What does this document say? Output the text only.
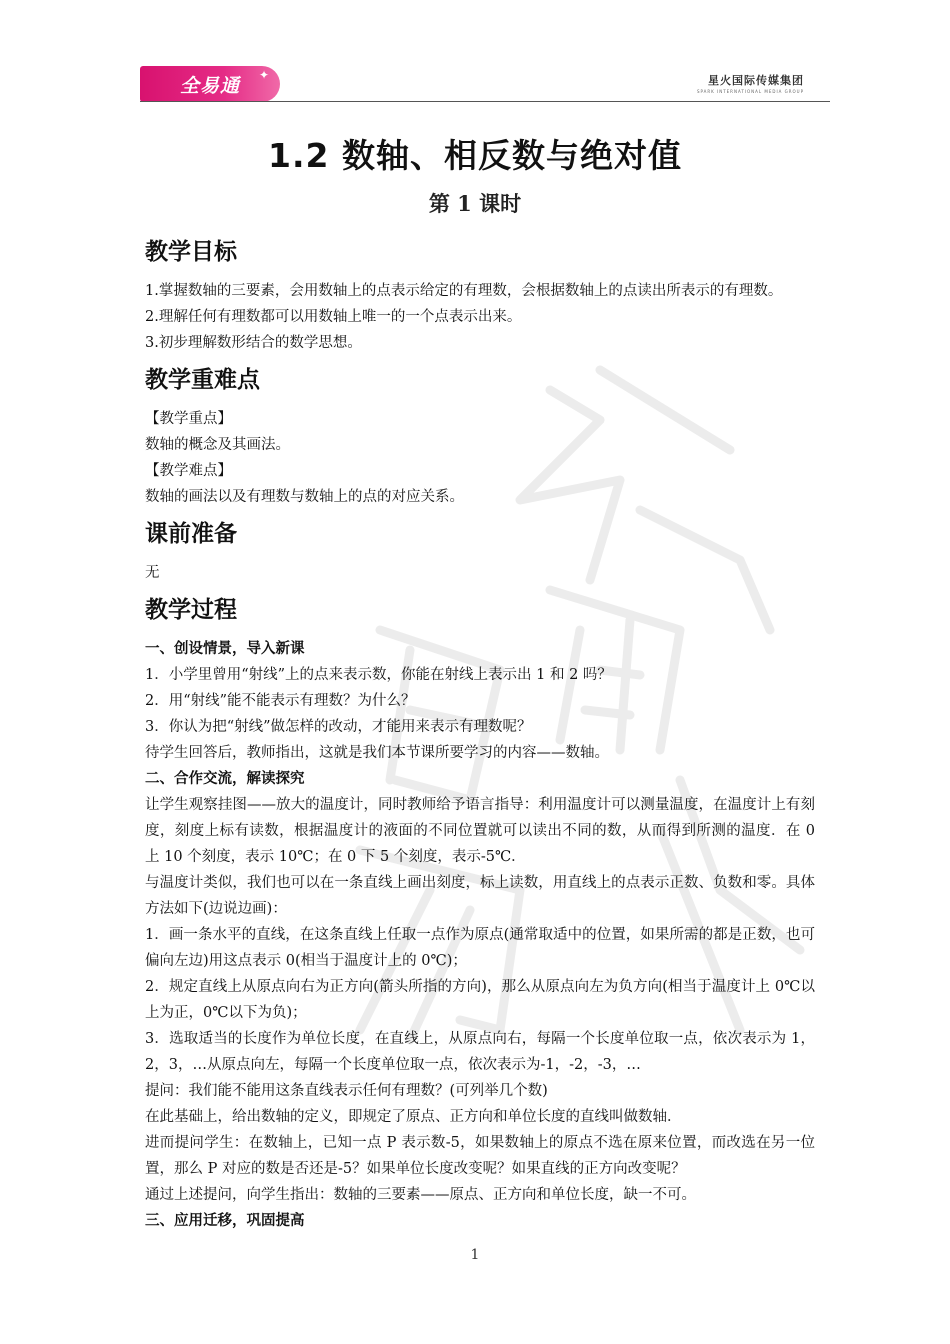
全易通 ✦	星火国际传媒集团
SPARK INTERNATIONAL MEDIA GROUP
1.2 数轴、相反数与绝对值
第 1 课时
教学目标

1.掌握数轴的三要素，会用数轴上的点表示给定的有理数，会根据数轴上的点读出所表示的有理数。

2.理解任何有理数都可以用数轴上唯一的一个点表示出来。

3.初步理解数形结合的数学思想。

教学重难点

【教学重点】

数轴的概念及其画法。

【教学难点】

数轴的画法以及有理数与数轴上的点的对应关系。

课前准备

无

教学过程

一、创设情景，导入新课

1．小学里曾用“射线”上的点来表示数，你能在射线上表示出 1 和 2 吗？

2．用“射线”能不能表示有理数？为什么？

3．你认为把“射线”做怎样的改动，才能用来表示有理数呢？

待学生回答后，教师指出，这就是我们本节课所要学习的内容——数轴。

二、合作交流，解读探究

让学生观察挂图——放大的温度计，同时教师给予语言指导：利用温度计可以测量温度，在温度计上有刻度，刻度上标有读数，根据温度计的液面的不同位置就可以读出不同的数，从而得到所测的温度．在 0 上 10 个刻度，表示 10℃；在 0 下 5 个刻度，表示-5℃．

与温度计类似，我们也可以在一条直线上画出刻度，标上读数，用直线上的点表示正数、负数和零。具体方法如下(边说边画)：

1．画一条水平的直线，在这条直线上任取一点作为原点(通常取适中的位置，如果所需的都是正数，也可偏向左边)用这点表示 0(相当于温度计上的 0℃)；

2．规定直线上从原点向右为正方向(箭头所指的方向)，那么从原点向左为负方向(相当于温度计上 0℃以上为正，0℃以下为负)；

3．选取适当的长度作为单位长度，在直线上，从原点向右，每隔一个长度单位取一点，依次表示为 1，2，3，…从原点向左，每隔一个长度单位取一点，依次表示为-1，-2，-3，…

提问：我们能不能用这条直线表示任何有理数？(可列举几个数)

在此基础上，给出数轴的定义，即规定了原点、正方向和单位长度的直线叫做数轴．

进而提问学生：在数轴上，已知一点 P 表示数-5，如果数轴上的原点不选在原来位置，而改选在另一位置，那么 P 对应的数是否还是-5？如果单位长度改变呢？如果直线的正方向改变呢？

通过上述提问，向学生指出：数轴的三要素——原点、正方向和单位长度，缺一不可。

三、应用迁移，巩固提高

1
